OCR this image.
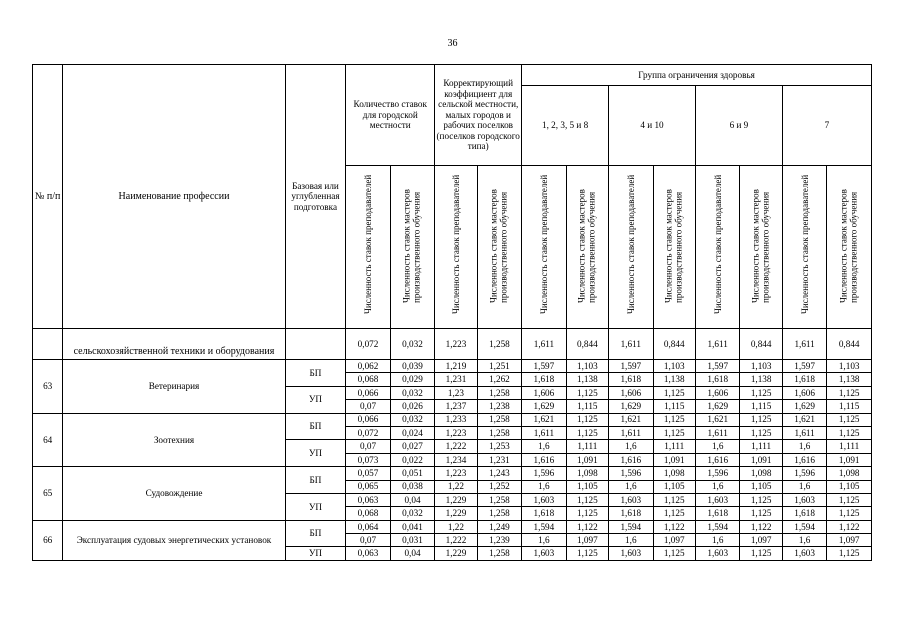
36
№ п/п	Наименование профессии	Базовая или углубленная подготовка	Количество ставок для городской местности		Корректирующий коэффициент для сельской местности, малых городов и рабочих поселков (поселков городского типа)		Группа ограничения здоровья							
							1, 2, 3, 5 и 8		4 и 10		6 и 9		7	

			Численность ставок преподавателей	Численность ставок мастеров производственного обучения	Численность ставок преподавателей	Численность ставок мастеров производственного обучения	Численность ставок преподавателей	Численность ставок мастеров производственного обучения	Численность ставок преподавателей	Численность ставок мастеров производственного обучения	Численность ставок преподавателей	Численность ставок мастеров производственного обучения	Численность ставок преподавателей	Численность ставок мастеров производственного обучения

	сельскохозяйственной техники и оборудования		0,072	0,032	1,223	1,258	1,611	0,844	1,611	0,844	1,611	0,844	1,611	0,844
63	Ветеринария	БП	0,062	0,039	1,219	1,251	1,597	1,103	1,597	1,103	1,597	1,103	1,597	1,103
			0,068	0,029	1,231	1,262	1,618	1,138	1,618	1,138	1,618	1,138	1,618	1,138
		УП	0,066	0,032	1,23	1,258	1,606	1,125	1,606	1,125	1,606	1,125	1,606	1,125
			0,07	0,026	1,237	1,238	1,629	1,115	1,629	1,115	1,629	1,115	1,629	1,115
64	Зоотехния	БП	0,066	0,032	1,233	1,258	1,621	1,125	1,621	1,125	1,621	1,125	1,621	1,125
			0,072	0,024	1,223	1,258	1,611	1,125	1,611	1,125	1,611	1,125	1,611	1,125
		УП	0,07	0,027	1,222	1,253	1,6	1,111	1,6	1,111	1,6	1,111	1,6	1,111
			0,073	0,022	1,234	1,231	1,616	1,091	1,616	1,091	1,616	1,091	1,616	1,091
65	Судовождение	БП	0,057	0,051	1,223	1,243	1,596	1,098	1,596	1,098	1,596	1,098	1,596	1,098
			0,065	0,038	1,22	1,252	1,6	1,105	1,6	1,105	1,6	1,105	1,6	1,105
		УП	0,063	0,04	1,229	1,258	1,603	1,125	1,603	1,125	1,603	1,125	1,603	1,125
			0,068	0,032	1,229	1,258	1,618	1,125	1,618	1,125	1,618	1,125	1,618	1,125
66	Эксплуатация судовых энергетических установок	БП	0,064	0,041	1,22	1,249	1,594	1,122	1,594	1,122	1,594	1,122	1,594	1,122
			0,07	0,031	1,222	1,239	1,6	1,097	1,6	1,097	1,6	1,097	1,6	1,097
		УП	0,063	0,04	1,229	1,258	1,603	1,125	1,603	1,125	1,603	1,125	1,603	1,125
